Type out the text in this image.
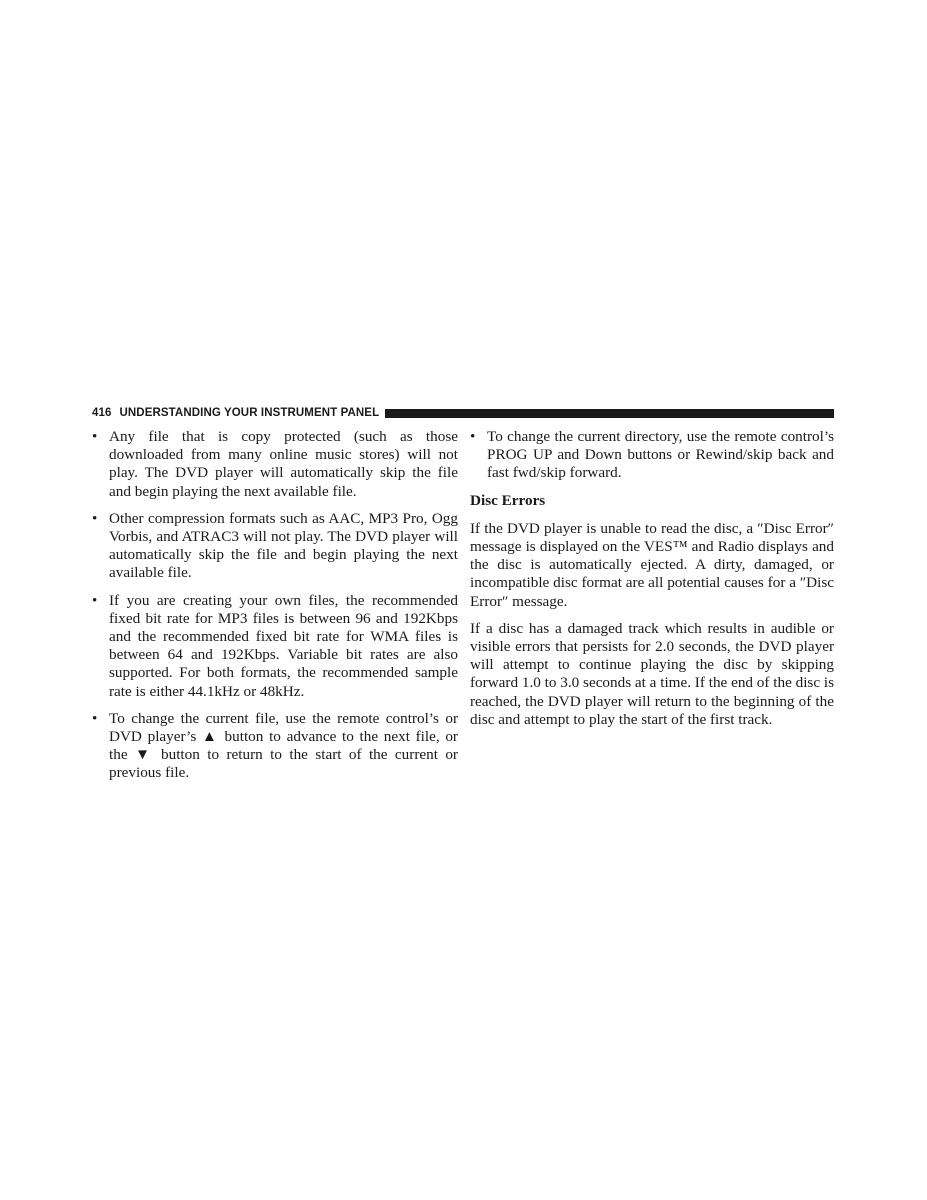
416 UNDERSTANDING YOUR INSTRUMENT PANEL
• Any file that is copy protected (such as those downloaded from many online music stores) will not play. The DVD player will automatically skip the file and begin playing the next available file.
• Other compression formats such as AAC, MP3 Pro, Ogg Vorbis, and ATRAC3 will not play. The DVD player will automatically skip the file and begin playing the next available file.
• If you are creating your own files, the recommended fixed bit rate for MP3 files is between 96 and 192Kbps and the recommended fixed bit rate for WMA files is between 64 and 192Kbps. Variable bit rates are also supported. For both formats, the recommended sample rate is either 44.1kHz or 48kHz.
• To change the current file, use the remote control’s or DVD player’s ▲ button to advance to the next file, or the ▼ button to return to the start of the current or previous file.
• To change the current directory, use the remote control’s PROG UP and Down buttons or Rewind/skip back and fast fwd/skip forward.
Disc Errors

If the DVD player is unable to read the disc, a ″Disc Error″ message is displayed on the VES™ and Radio displays and the disc is automatically ejected. A dirty, damaged, or incompatible disc format are all potential causes for a ″Disc Error″ message.

If a disc has a damaged track which results in audible or visible errors that persists for 2.0 seconds, the DVD player will attempt to continue playing the disc by skipping forward 1.0 to 3.0 seconds at a time. If the end of the disc is reached, the DVD player will return to the beginning of the disc and attempt to play the start of the first track.
